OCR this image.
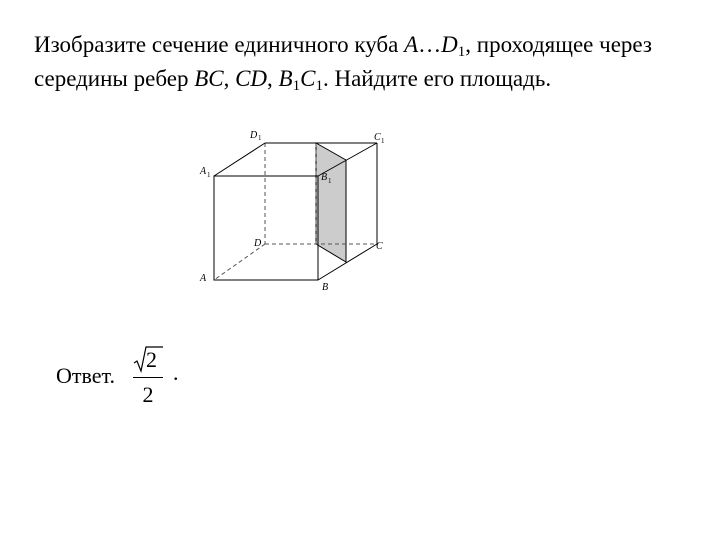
Изобразите сечение единичного куба $A\dots D_1$, проходящее через
середины ребер BC, CD, $B_1C_1$. Найдите его площадь.
D 1	C 1
A 1	B 1
D	C
A
B
Ответ.
2
2
.
